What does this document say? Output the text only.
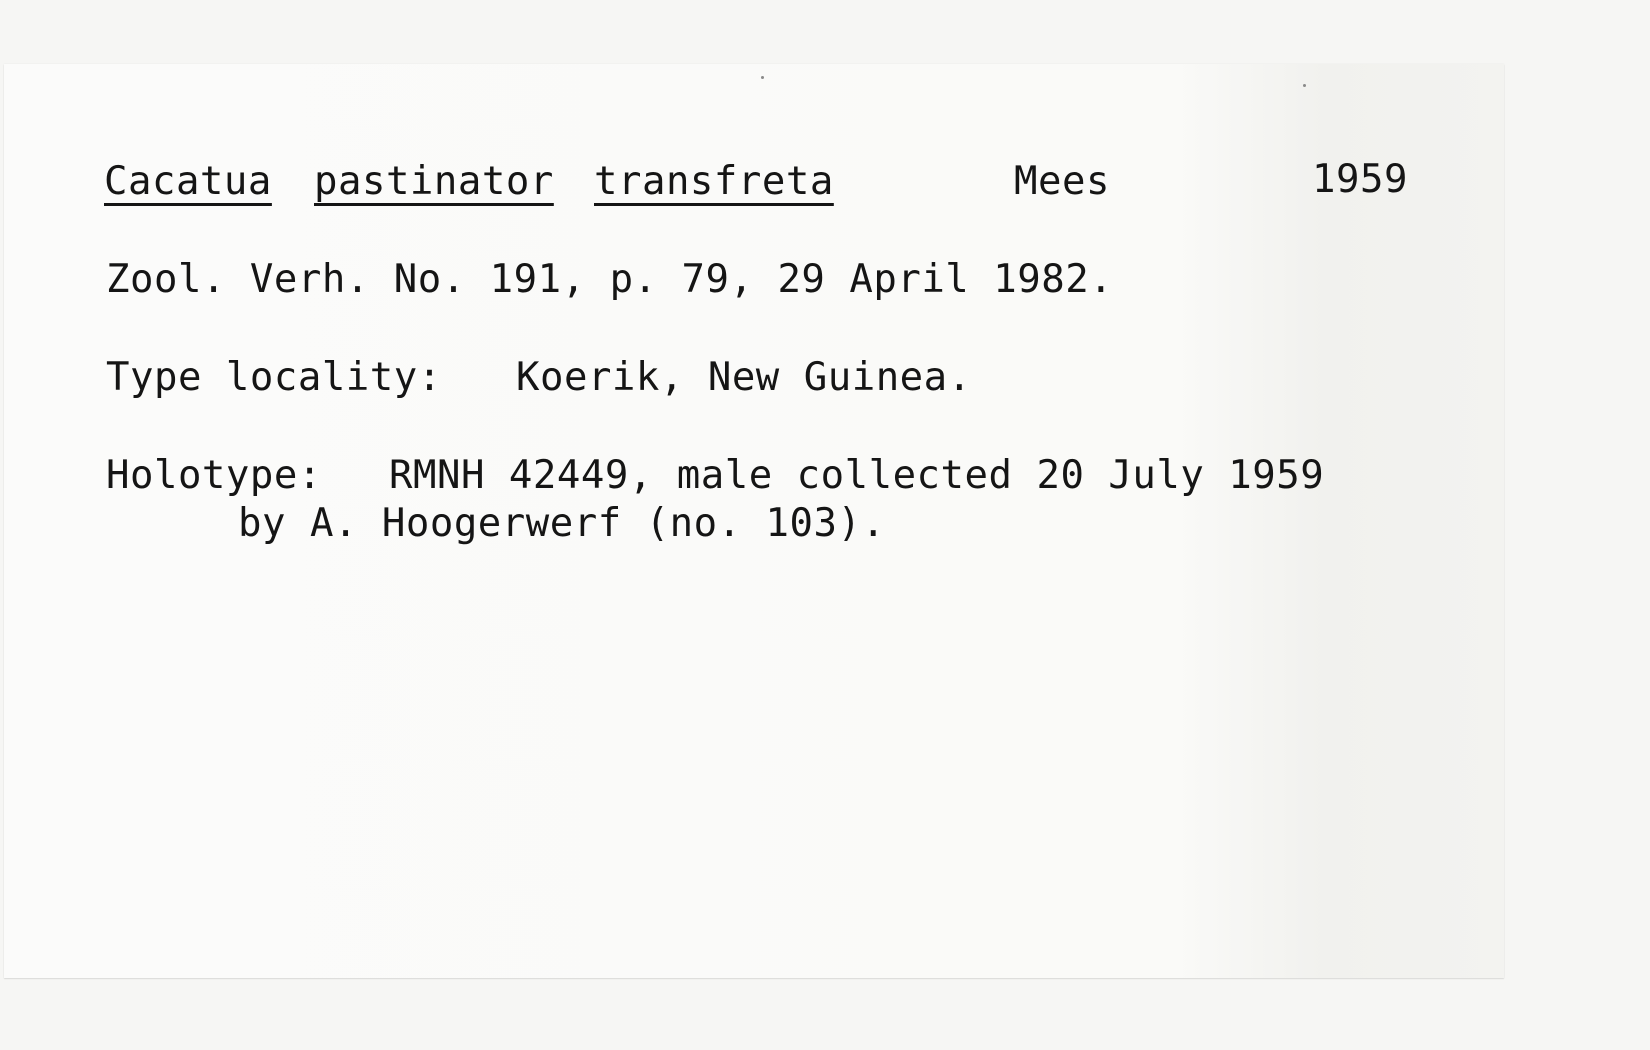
Cacatua pastinator transfreta	Mees	1959
Zool. Verh. No. 191, p. 79, 29 April 1982.
Type locality: Koerik, New Guinea.
Holotype: RMNH 42449, male collected 20 July 1959
by A. Hoogerwerf (no. 103).
